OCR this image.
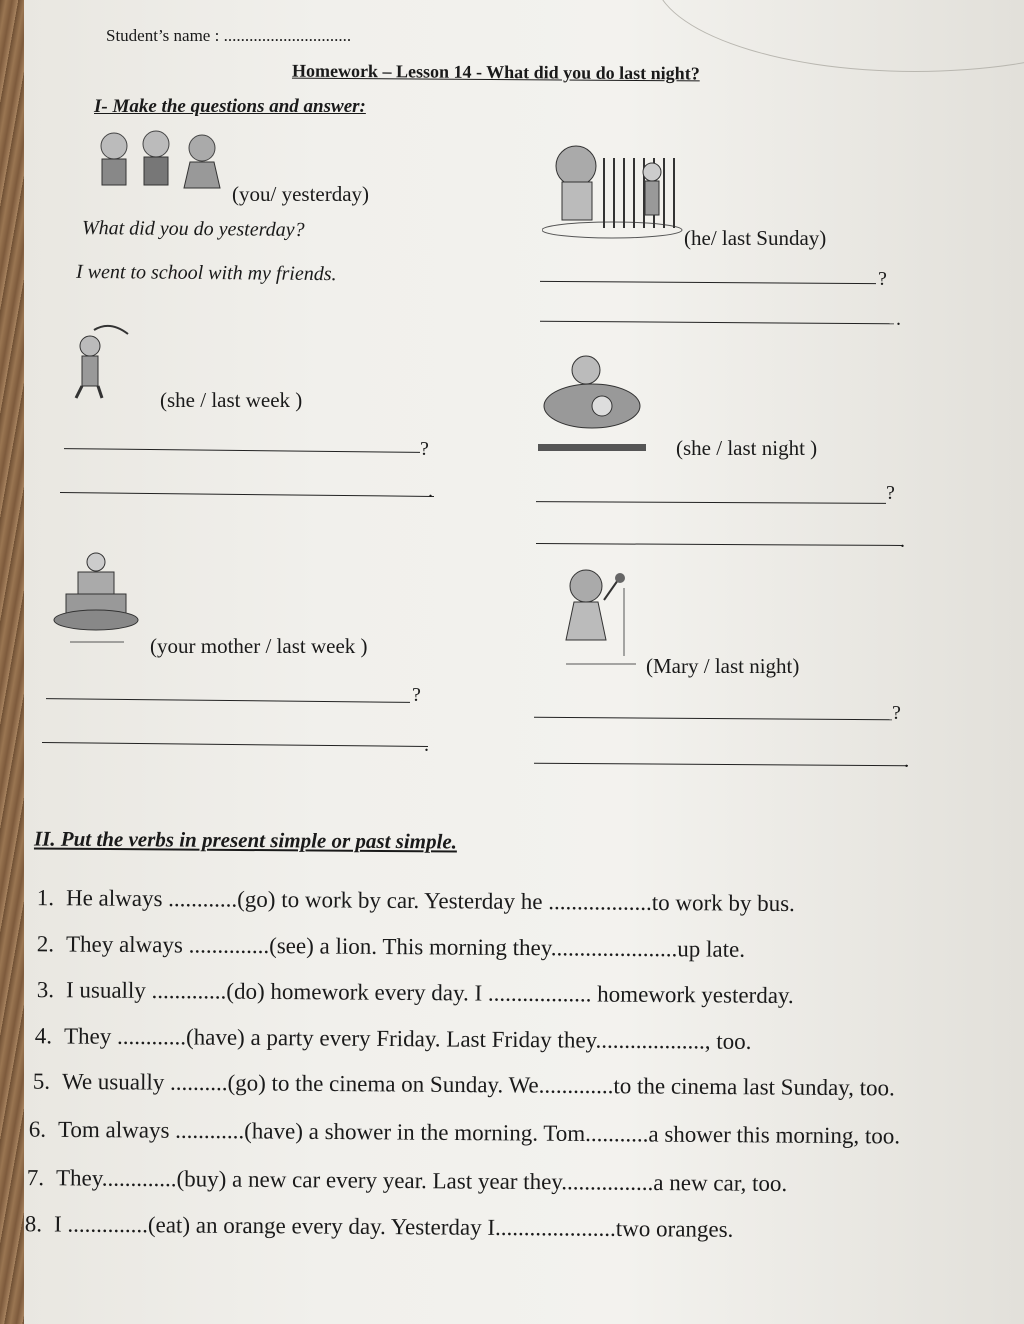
Student’s name : ..............................
Homework – Lesson 14 - What did you do last night?
I- Make the questions and answer:
(you/ yesterday)
What did you do yesterday?
I went to school with my friends.
(he/ last Sunday)
?
.
(she / last week )
?
.
(she / last night )
?
.
(your mother / last week )
?
.
(Mary / last night)
?
.
II. Put the verbs in present simple or past simple.
1. He always ............(go) to work by car. Yesterday he ..................to work by bus.
2. They always ..............(see) a lion. This morning they......................up late.
3. I usually .............(do) homework every day. I .................. homework yesterday.
4. They ............(have) a party every Friday. Last Friday they..................., too.
5. We usually ..........(go) to the cinema on Sunday. We.............to the cinema last Sunday, too.
6. Tom always ............(have) a shower in the morning. Tom...........a shower this morning, too.
7. They.............(buy) a new car every year. Last year they................a new car, too.
8. I ..............(eat) an orange every day. Yesterday I.....................two oranges.
